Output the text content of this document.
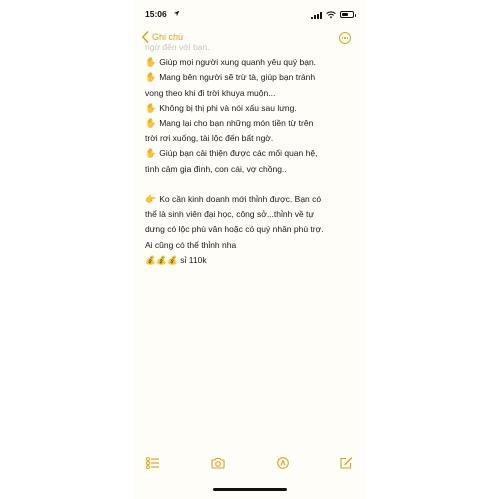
15:06
Ghi chú
ngờ đến với bạn.
✋ Giúp mọi người xung quanh yêu quý bạn.
✋ Mang bên người sẽ trừ tà, giúp bạn tránh
vong theo khi đi trời khuya muộn...
✋ Không bị thị phi và nói xấu sau lưng.
✋ Mang lại cho bạn những món tiền từ trên
trời rơi xuống, tài lộc đến bất ngờ.
✋ Giúp bạn cải thiện được các mối quan hệ,
tình cảm gia đình, con cái, vợ chồng..
👉 Ko cần kinh doanh mới thỉnh được. Bạn có
thể là sinh viên đại học, công sở...thỉnh về tự
dưng có lộc phù vân hoặc có quý nhân phù trợ.
Ai cũng có thể thỉnh nha
💰💰💰 sỉ 110k
